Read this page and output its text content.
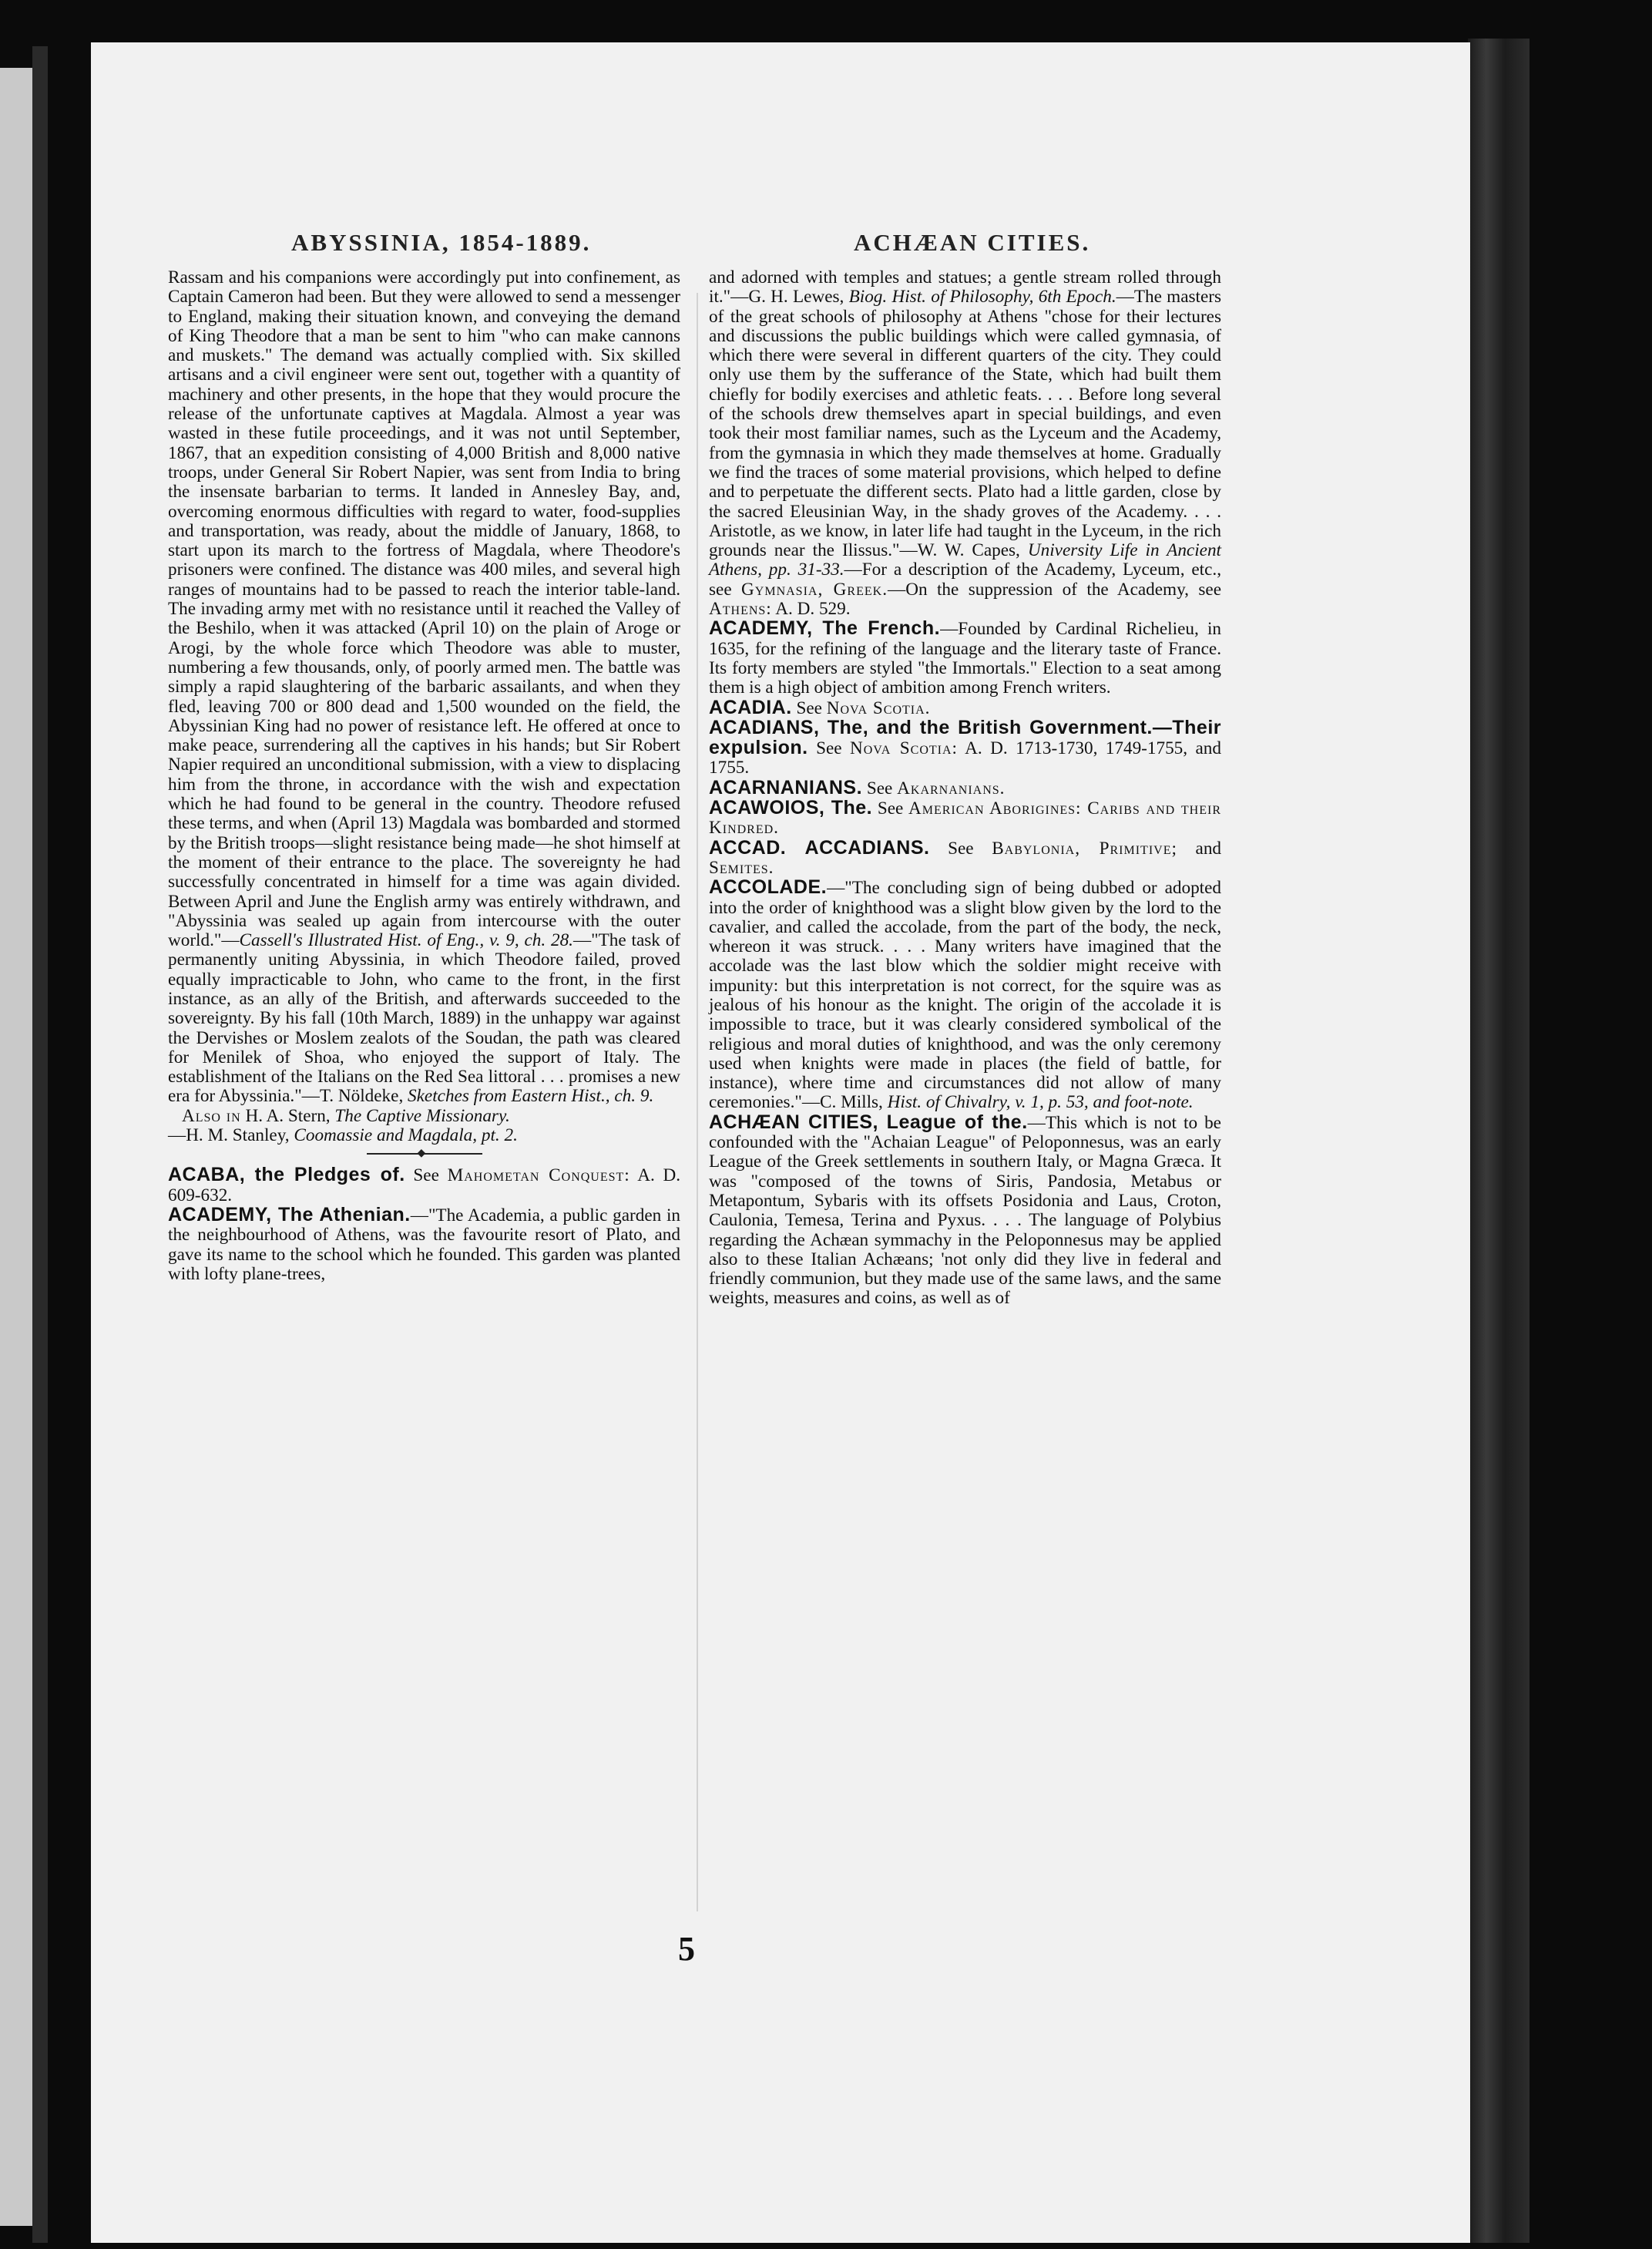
ABYSSINIA, 1854-1889.	ACHÆAN CITIES.

Rassam and his companions were accordingly put into confinement, as Captain Cameron had been. But they were allowed to send a messenger to England, making their situation known, and conveying the demand of King Theodore that a man be sent to him "who can make cannons and muskets." The demand was actually complied with. Six skilled artisans and a civil engineer were sent out, together with a quantity of machinery and other presents, in the hope that they would procure the release of the unfortunate captives at Magdala. Almost a year was wasted in these futile proceedings, and it was not until September, 1867, that an expedition consisting of 4,000 British and 8,000 native troops, under General Sir Robert Napier, was sent from India to bring the insensate barbarian to terms. It landed in Annesley Bay, and, overcoming enormous difficulties with regard to water, food-supplies and transportation, was ready, about the middle of January, 1868, to start upon its march to the fortress of Magdala, where Theodore's prisoners were confined. The distance was 400 miles, and several high ranges of mountains had to be passed to reach the interior table-land. The invading army met with no resistance until it reached the Valley of the Beshilo, when it was attacked (April 10) on the plain of Aroge or Arogi, by the whole force which Theodore was able to muster, numbering a few thousands, only, of poorly armed men. The battle was simply a rapid slaughtering of the barbaric assailants, and when they fled, leaving 700 or 800 dead and 1,500 wounded on the field, the Abyssinian King had no power of resistance left. He offered at once to make peace, surrendering all the captives in his hands; but Sir Robert Napier required an unconditional submission, with a view to displacing him from the throne, in accordance with the wish and expectation which he had found to be general in the country. Theodore refused these terms, and when (April 13) Magdala was bombarded and stormed by the British troops—slight resistance being made—he shot himself at the moment of their entrance to the place. The sovereignty he had successfully concentrated in himself for a time was again divided. Between April and June the English army was entirely withdrawn, and "Abyssinia was sealed up again from intercourse with the outer world."—Cassell's Illustrated Hist. of Eng., v. 9, ch. 28.—"The task of permanently uniting Abyssinia, in which Theodore failed, proved equally impracticable to John, who came to the front, in the first instance, as an ally of the British, and afterwards succeeded to the sovereignty. By his fall (10th March, 1889) in the unhappy war against the Dervishes or Moslem zealots of the Soudan, the path was cleared for Menilek of Shoa, who enjoyed the support of Italy. The establishment of the Italians on the Red Sea littoral . . . promises a new era for Abyssinia."—T. Nöldeke, Sketches from Eastern Hist., ch. 9.

Also in H. A. Stern, The Captive Missionary.

—H. M. Stanley, Coomassie and Magdala, pt. 2.

◆

ACABA, the Pledges of. See Mahometan Conquest: A. D. 609-632.

ACADEMY, The Athenian.—"The Academia, a public garden in the neighbourhood of Athens, was the favourite resort of Plato, and gave its name to the school which he founded. This garden was planted with lofty plane-trees,

and adorned with temples and statues; a gentle stream rolled through it."—G. H. Lewes, Biog. Hist. of Philosophy, 6th Epoch.—The masters of the great schools of philosophy at Athens "chose for their lectures and discussions the public buildings which were called gymnasia, of which there were several in different quarters of the city. They could only use them by the sufferance of the State, which had built them chiefly for bodily exercises and athletic feats. . . . Before long several of the schools drew themselves apart in special buildings, and even took their most familiar names, such as the Lyceum and the Academy, from the gymnasia in which they made themselves at home. Gradually we find the traces of some material provisions, which helped to define and to perpetuate the different sects. Plato had a little garden, close by the sacred Eleusinian Way, in the shady groves of the Academy. . . . Aristotle, as we know, in later life had taught in the Lyceum, in the rich grounds near the Ilissus."—W. W. Capes, University Life in Ancient Athens, pp. 31-33.—For a description of the Academy, Lyceum, etc., see Gymnasia, Greek.—On the suppression of the Academy, see Athens: A. D. 529.

ACADEMY, The French.—Founded by Cardinal Richelieu, in 1635, for the refining of the language and the literary taste of France. Its forty members are styled "the Immortals." Election to a seat among them is a high object of ambition among French writers.

ACADIA. See Nova Scotia.

ACADIANS, The, and the British Government.—Their expulsion. See Nova Scotia: A. D. 1713-1730, 1749-1755, and 1755.

ACARNANIANS. See Akarnanians.

ACAWOIOS, The. See American Aborigines: Caribs and their Kindred.

ACCAD. ACCADIANS. See Babylonia, Primitive; and Semites.

ACCOLADE.—"The concluding sign of being dubbed or adopted into the order of knighthood was a slight blow given by the lord to the cavalier, and called the accolade, from the part of the body, the neck, whereon it was struck. . . . Many writers have imagined that the accolade was the last blow which the soldier might receive with impunity: but this interpretation is not correct, for the squire was as jealous of his honour as the knight. The origin of the accolade it is impossible to trace, but it was clearly considered symbolical of the religious and moral duties of knighthood, and was the only ceremony used when knights were made in places (the field of battle, for instance), where time and circumstances did not allow of many ceremonies."—C. Mills, Hist. of Chivalry, v. 1, p. 53, and foot-note.

ACHÆAN CITIES, League of the.—This which is not to be confounded with the "Achaian League" of Peloponnesus, was an early League of the Greek settlements in southern Italy, or Magna Græca. It was "composed of the towns of Siris, Pandosia, Metabus or Metapontum, Sybaris with its offsets Posidonia and Laus, Croton, Caulonia, Temesa, Terina and Pyxus. . . . The language of Polybius regarding the Achæan symmachy in the Peloponnesus may be applied also to these Italian Achæans; 'not only did they live in federal and friendly communion, but they made use of the same laws, and the same weights, measures and coins, as well as of

5
